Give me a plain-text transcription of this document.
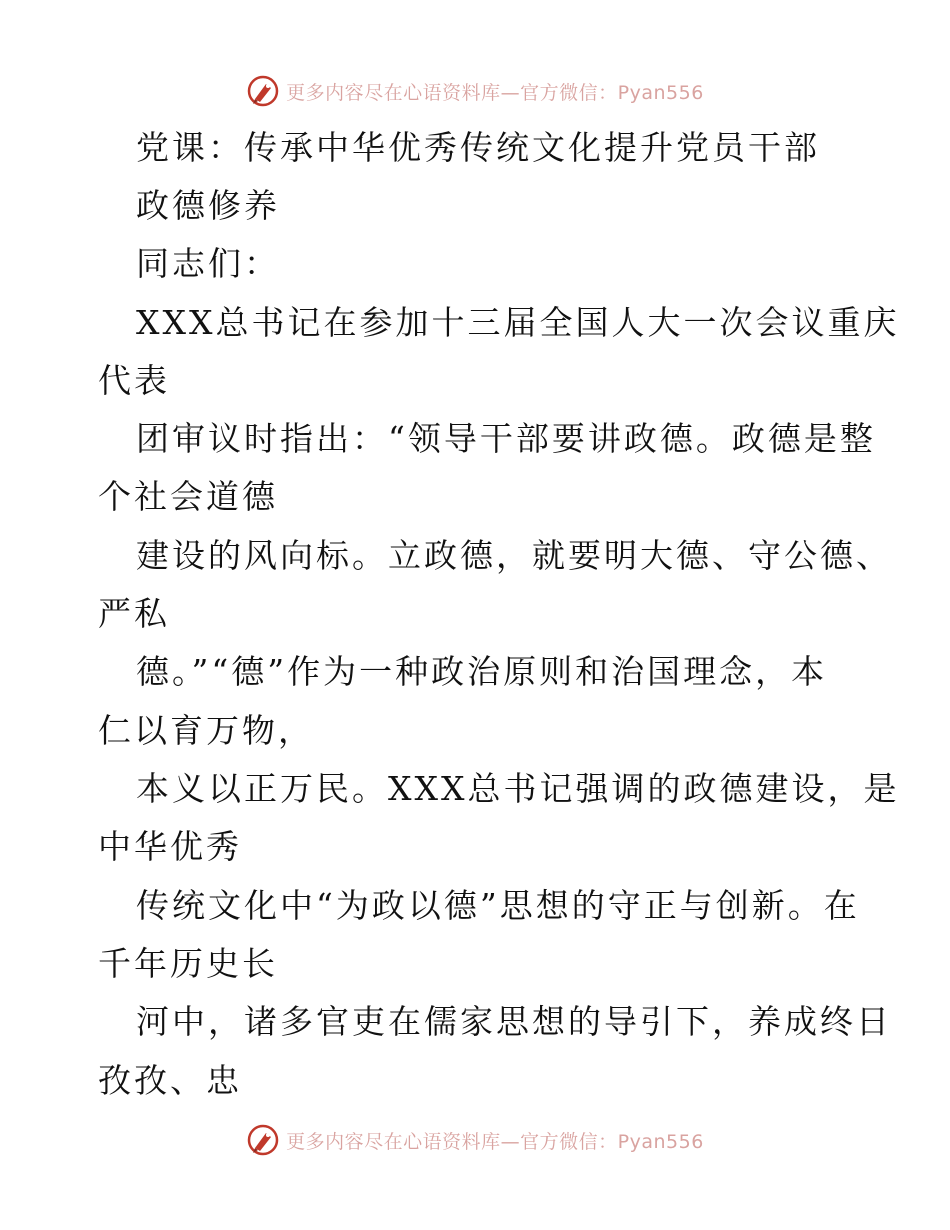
更多内容尽在心语资料库—官方微信：Pyan556
党课：传承中华优秀传统文化提升党员干部
政德修养
同志们：
XXX总书记在参加十三届全国人大一次会议重庆
代表
团审议时指出：“领导干部要讲政德。政德是整
个社会道德
建设的风向标。立政德，就要明大德、守公德、
严私
德。”“德”作为一种政治原则和治国理念，本
仁以育万物，
本义以正万民。XXX总书记强调的政德建设，是
中华优秀
传统文化中“为政以德”思想的守正与创新。在
千年历史长
河中，诸多官吏在儒家思想的导引下，养成终日
孜孜、忠
更多内容尽在心语资料库—官方微信：Pyan556
